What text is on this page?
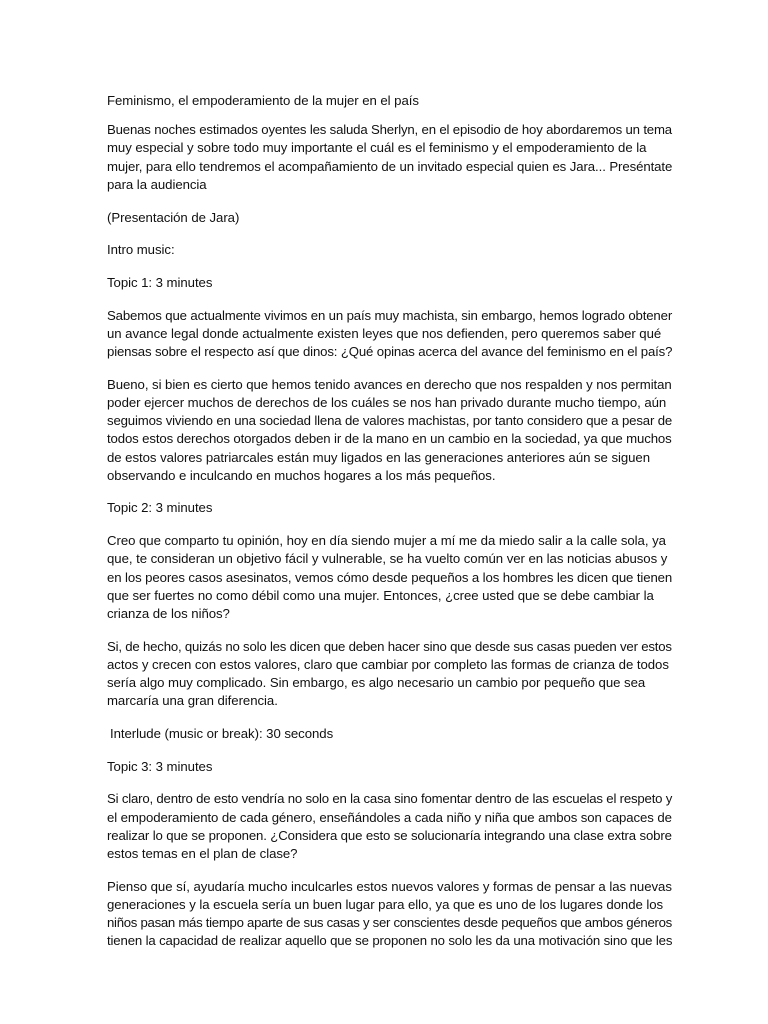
Feminismo, el empoderamiento de la mujer en el país
Buenas noches estimados oyentes les saluda Sherlyn, en el episodio de hoy abordaremos un tema
muy especial y sobre todo muy importante el cuál es el feminismo y el empoderamiento de la
mujer, para ello tendremos el acompañamiento de un invitado especial quien es Jara... Preséntate
para la audiencia
(Presentación de Jara)
Intro music:
Topic 1: 3 minutes
Sabemos que actualmente vivimos en un país muy machista, sin embargo, hemos logrado obtener
un avance legal donde actualmente existen leyes que nos defienden, pero queremos saber qué
piensas sobre el respecto así que dinos: ¿Qué opinas acerca del avance del feminismo en el país?
Bueno, si bien es cierto que hemos tenido avances en derecho que nos respalden y nos permitan
poder ejercer muchos de derechos de los cuáles se nos han privado durante mucho tiempo, aún
seguimos viviendo en una sociedad llena de valores machistas, por tanto considero que a pesar de
todos estos derechos otorgados deben ir de la mano en un cambio en la sociedad, ya que muchos
de estos valores patriarcales están muy ligados en las generaciones anteriores aún se siguen
observando e inculcando en muchos hogares a los más pequeños.
Topic 2: 3 minutes
Creo que comparto tu opinión, hoy en día siendo mujer a mí me da miedo salir a la calle sola, ya
que, te consideran un objetivo fácil y vulnerable, se ha vuelto común ver en las noticias abusos y
en los peores casos asesinatos, vemos cómo desde pequeños a los hombres les dicen que tienen
que ser fuertes no como débil como una mujer. Entonces, ¿cree usted que se debe cambiar la
crianza de los niños?
Si, de hecho, quizás no solo les dicen que deben hacer sino que desde sus casas pueden ver estos
actos y crecen con estos valores, claro que cambiar por completo las formas de crianza de todos
sería algo muy complicado. Sin embargo, es algo necesario un cambio por pequeño que sea
marcaría una gran diferencia.
Interlude (music or break): 30 seconds
Topic 3: 3 minutes
Si claro, dentro de esto vendría no solo en la casa sino fomentar dentro de las escuelas el respeto y
el empoderamiento de cada género, enseñándoles a cada niño y niña que ambos son capaces de
realizar lo que se proponen. ¿Considera que esto se solucionaría integrando una clase extra sobre
estos temas en el plan de clase?
Pienso que sí, ayudaría mucho inculcarles estos nuevos valores y formas de pensar a las nuevas
generaciones y la escuela sería un buen lugar para ello, ya que es uno de los lugares donde los
niños pasan más tiempo aparte de sus casas y ser conscientes desde pequeños que ambos géneros
tienen la capacidad de realizar aquello que se proponen no solo les da una motivación sino que les
